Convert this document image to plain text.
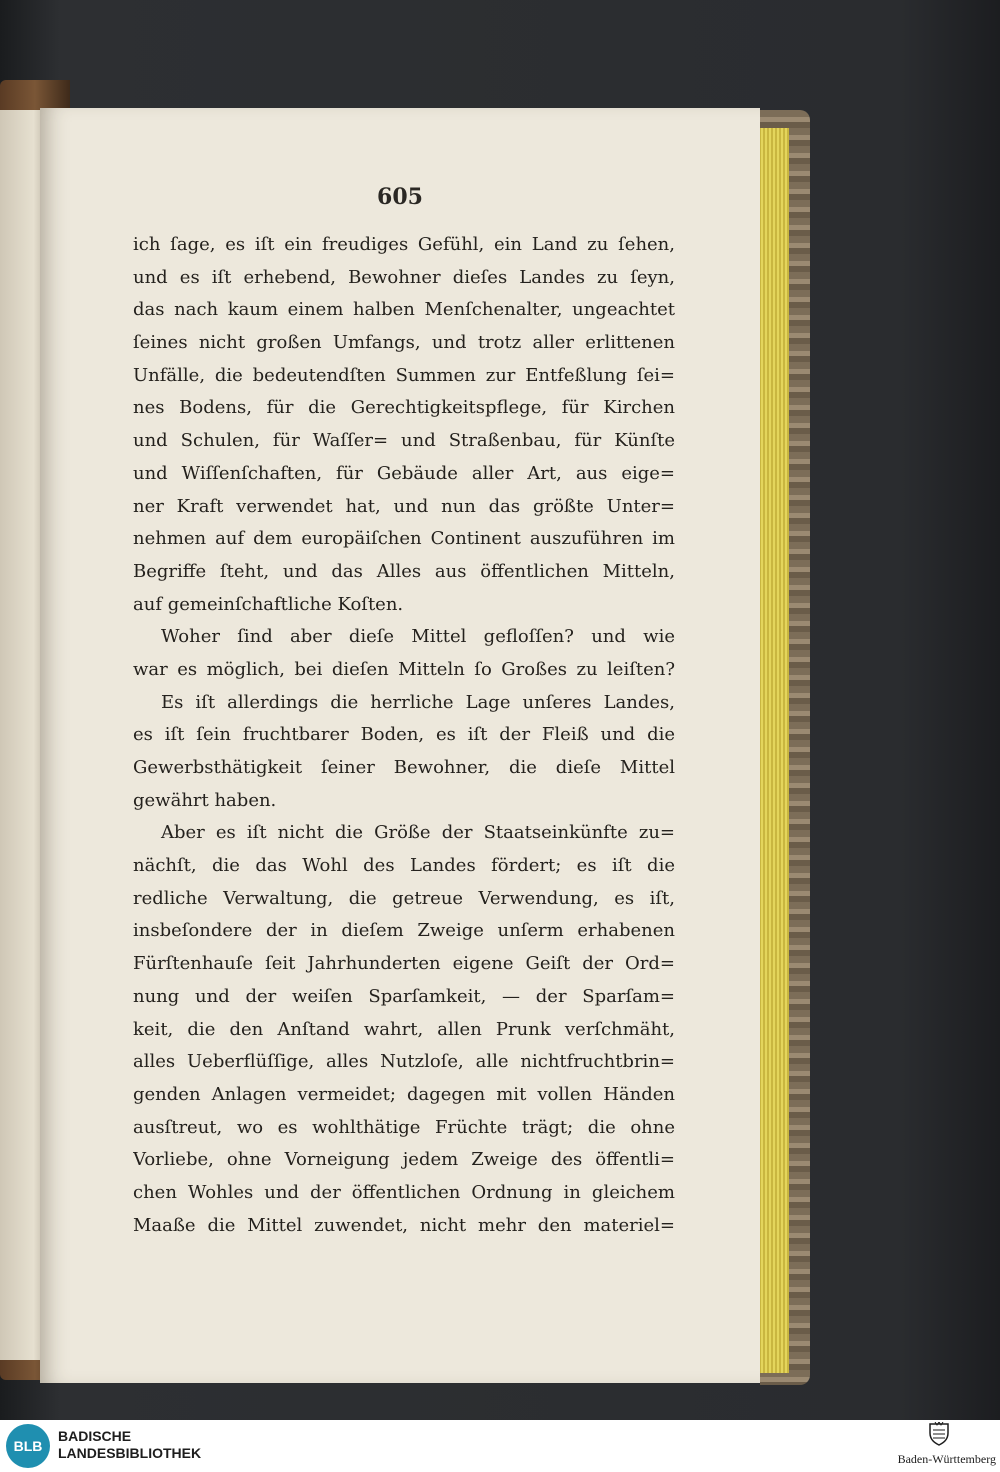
605
ich ſage, es iſt ein freudiges Gefühl, ein Land zu ſehen,
und es iſt erhebend, Bewohner dieſes Landes zu ſeyn,
das nach kaum einem halben Menſchenalter, ungeachtet
ſeines nicht großen Umfangs, und trotz aller erlittenen
Unfälle, die bedeutendſten Summen zur Entfeßlung ſei=
nes Bodens, für die Gerechtigkeitspflege, für Kirchen
und Schulen, für Waſſer= und Straßenbau, für Künſte
und Wiſſenſchaften, für Gebäude aller Art, aus eige=
ner Kraft verwendet hat, und nun das größte Unter=
nehmen auf dem europäiſchen Continent auszuführen im
Begriffe ſteht, und das Alles aus öffentlichen Mitteln,
auf gemeinſchaftliche Koſten.
Woher ſind aber dieſe Mittel gefloſſen? und wie
war es möglich, bei dieſen Mitteln ſo Großes zu leiſten?
Es iſt allerdings die herrliche Lage unſeres Landes,
es iſt ſein fruchtbarer Boden, es iſt der Fleiß und die
Gewerbsthätigkeit ſeiner Bewohner, die dieſe Mittel
gewährt haben.
Aber es iſt nicht die Größe der Staatseinkünfte zu=
nächſt, die das Wohl des Landes fördert; es iſt die
redliche Verwaltung, die getreue Verwendung, es iſt,
insbeſondere der in dieſem Zweige unſerm erhabenen
Fürſtenhauſe ſeit Jahrhunderten eigene Geiſt der Ord=
nung und der weiſen Sparſamkeit, — der Sparſam=
keit, die den Anſtand wahrt, allen Prunk verſchmäht,
alles Ueberflüſſige, alles Nutzloſe, alle nichtfruchtbrin=
genden Anlagen vermeidet; dagegen mit vollen Händen
ausſtreut, wo es wohlthätige Früchte trägt; die ohne
Vorliebe, ohne Vorneigung jedem Zweige des öffentli=
chen Wohles und der öffentlichen Ordnung in gleichem
Maaße die Mittel zuwendet, nicht mehr den materiel=
BLB
BADISCHE
LANDESBIBLIOTHEK	Baden-Württemberg
